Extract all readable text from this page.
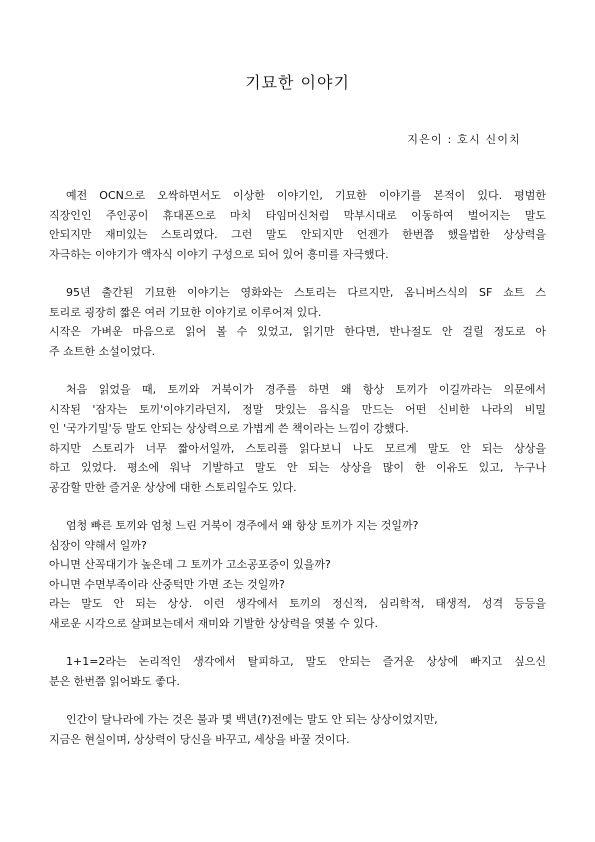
기묘한 이야기
지은이 : 호시 신이치
예전 OCN으로 오싹하면서도 이상한 이야기인, 기묘한 이야기를 본적이 있다. 평범한
직장인인 주인공이 휴대폰으로 마치 타임머신처럼 막부시대로 이동하여 벌어지는 말도
안되지만 재미있는 스토리였다. 그런 말도 안되지만 언젠가 한번쯤 했을법한 상상력을
자극하는 이야기가 액자식 이야기 구성으로 되어 있어 흥미를 자극했다.
95년 출간된 기묘한 이야기는 영화와는 스토리는 다르지만, 옴니버스식의 SF 쇼트 스
토리로 굉장히 짧은 여러 기묘한 이야기로 이루어져 있다.
시작은 가벼운 마음으로 읽어 볼 수 있었고, 읽기만 한다면, 반나절도 안 걸릴 정도로 아
주 쇼트한 소설이었다.
처음 읽었을 때, 토끼와 거북이가 경주를 하면 왜 항상 토끼가 이길까라는 의문에서
시작된 '잠자는 토끼'이야기라던지, 정말 맛있는 음식을 만드는 어떤 신비한 나라의 비밀
인 '국가기밀'등 말도 안되는 상상력으로 가볍게 쓴 책이라는 느낌이 강했다.
하지만 스토리가 너무 짧아서일까, 스토리를 읽다보니 나도 모르게 말도 안 되는 상상을
하고 있었다. 평소에 워낙 기발하고 말도 안 되는 상상을 많이 한 이유도 있고, 누구나
공감할 만한 즐거운 상상에 대한 스토리일수도 있다.
엄청 빠른 토끼와 엄청 느린 거북이 경주에서 왜 항상 토끼가 지는 것일까?
심장이 약해서 일까?
아니면 산꼭대기가 높은데 그 토끼가 고소공포증이 있을까?
아니면 수면부족이라 산중턱만 가면 조는 것일까?
라는 말도 안 되는 상상. 이런 생각에서 토끼의 정신적, 심리학적, 태생적, 성격 등등을
새로운 시각으로 살펴보는데서 재미와 기발한 상상력을 엿볼 수 있다.
1+1=2라는 논리적인 생각에서 탈피하고, 말도 안되는 즐거운 상상에 빠지고 싶으신
분은 한번쯤 읽어봐도 좋다.
인간이 달나라에 가는 것은 불과 몇 백년(?)전에는 말도 안 되는 상상이었지만,
지금은 현실이며, 상상력이 당신을 바꾸고, 세상을 바꿀 것이다.
